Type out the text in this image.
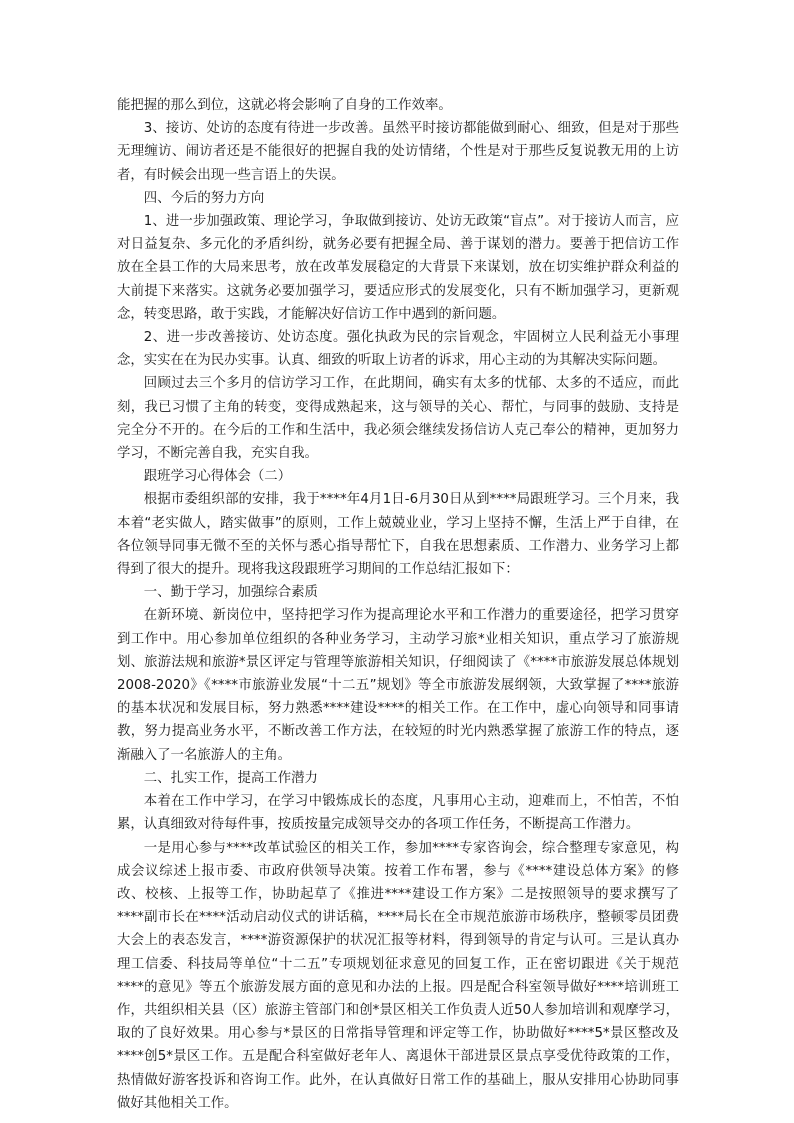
能把握的那么到位，这就必将会影响了自身的工作效率。

3、接访、处访的态度有待进一步改善。虽然平时接访都能做到耐心、细致，但是对于那些无理缠访、闹访者还是不能很好的把握自我的处访情绪，个性是对于那些反复说教无用的上访者，有时候会出现一些言语上的失误。

四、今后的努力方向

1、进一步加强政策、理论学习，争取做到接访、处访无政策“盲点”。对于接访人而言，应对日益复杂、多元化的矛盾纠纷，就务必要有把握全局、善于谋划的潜力。要善于把信访工作放在全县工作的大局来思考，放在改革发展稳定的大背景下来谋划，放在切实维护群众利益的大前提下来落实。这就务必要加强学习，要适应形式的发展变化，只有不断加强学习，更新观念，转变思路，敢于实践，才能解决好信访工作中遇到的新问题。

2、进一步改善接访、处访态度。强化执政为民的宗旨观念，牢固树立人民利益无小事理念，实实在在为民办实事。认真、细致的听取上访者的诉求，用心主动的为其解决实际问题。

回顾过去三个多月的信访学习工作，在此期间，确实有太多的忧郁、太多的不适应，而此刻，我已习惯了主角的转变，变得成熟起来，这与领导的关心、帮忙，与同事的鼓励、支持是完全分不开的。在今后的工作和生活中，我必须会继续发扬信访人克己奉公的精神，更加努力学习，不断完善自我，充实自我。

跟班学习心得体会（二）

根据市委组织部的安排，我于****年4月1日-6月30日从到****局跟班学习。三个月来，我本着“老实做人，踏实做事”的原则，工作上兢兢业业，学习上坚持不懈，生活上严于自律，在各位领导同事无微不至的关怀与悉心指导帮忙下，自我在思想素质、工作潜力、业务学习上都得到了很大的提升。现将我这段跟班学习期间的工作总结汇报如下：

一、勤于学习，加强综合素质

在新环境、新岗位中，坚持把学习作为提高理论水平和工作潜力的重要途径，把学习贯穿到工作中。用心参加单位组织的各种业务学习，主动学习旅*业相关知识，重点学习了旅游规划、旅游法规和旅游*景区评定与管理等旅游相关知识，仔细阅读了《****市旅游发展总体规划2008-2020》《****市旅游业发展“十二五”规划》等全市旅游发展纲领，大致掌握了****旅游的基本状况和发展目标，努力熟悉****建设****的相关工作。在工作中，虚心向领导和同事请教，努力提高业务水平，不断改善工作方法，在较短的时光内熟悉掌握了旅游工作的特点，逐渐融入了一名旅游人的主角。

二、扎实工作，提高工作潜力

本着在工作中学习，在学习中锻炼成长的态度，凡事用心主动，迎难而上，不怕苦，不怕累，认真细致对待每件事，按质按量完成领导交办的各项工作任务，不断提高工作潜力。

一是用心参与****改革试验区的相关工作，参加****专家咨询会，综合整理专家意见，构成会议综述上报市委、市政府供领导决策。按着工作布署，参与《****建设总体方案》的修改、校核、上报等工作，协助起草了《推进****建设工作方案》二是按照领导的要求撰写了****副市长在****活动启动仪式的讲话稿，****局长在全市规范旅游市场秩序，整顿零员团费大会上的表态发言，****游资源保护的状况汇报等材料，得到领导的肯定与认可。三是认真办理工信委、科技局等单位“十二五”专项规划征求意见的回复工作，正在密切跟进《关于规范****的意见》等五个旅游发展方面的意见和办法的上报。四是配合科室领导做好****培训班工作，共组织相关县（区）旅游主管部门和创*景区相关工作负责人近50人参加培训和观摩学习，取的了良好效果。用心参与*景区的日常指导管理和评定等工作，协助做好****5*景区整改及****创5*景区工作。五是配合科室做好老年人、离退休干部进景区景点享受优待政策的工作，热情做好游客投诉和咨询工作。此外，在认真做好日常工作的基础上，服从安排用心协助同事做好其他相关工作。
